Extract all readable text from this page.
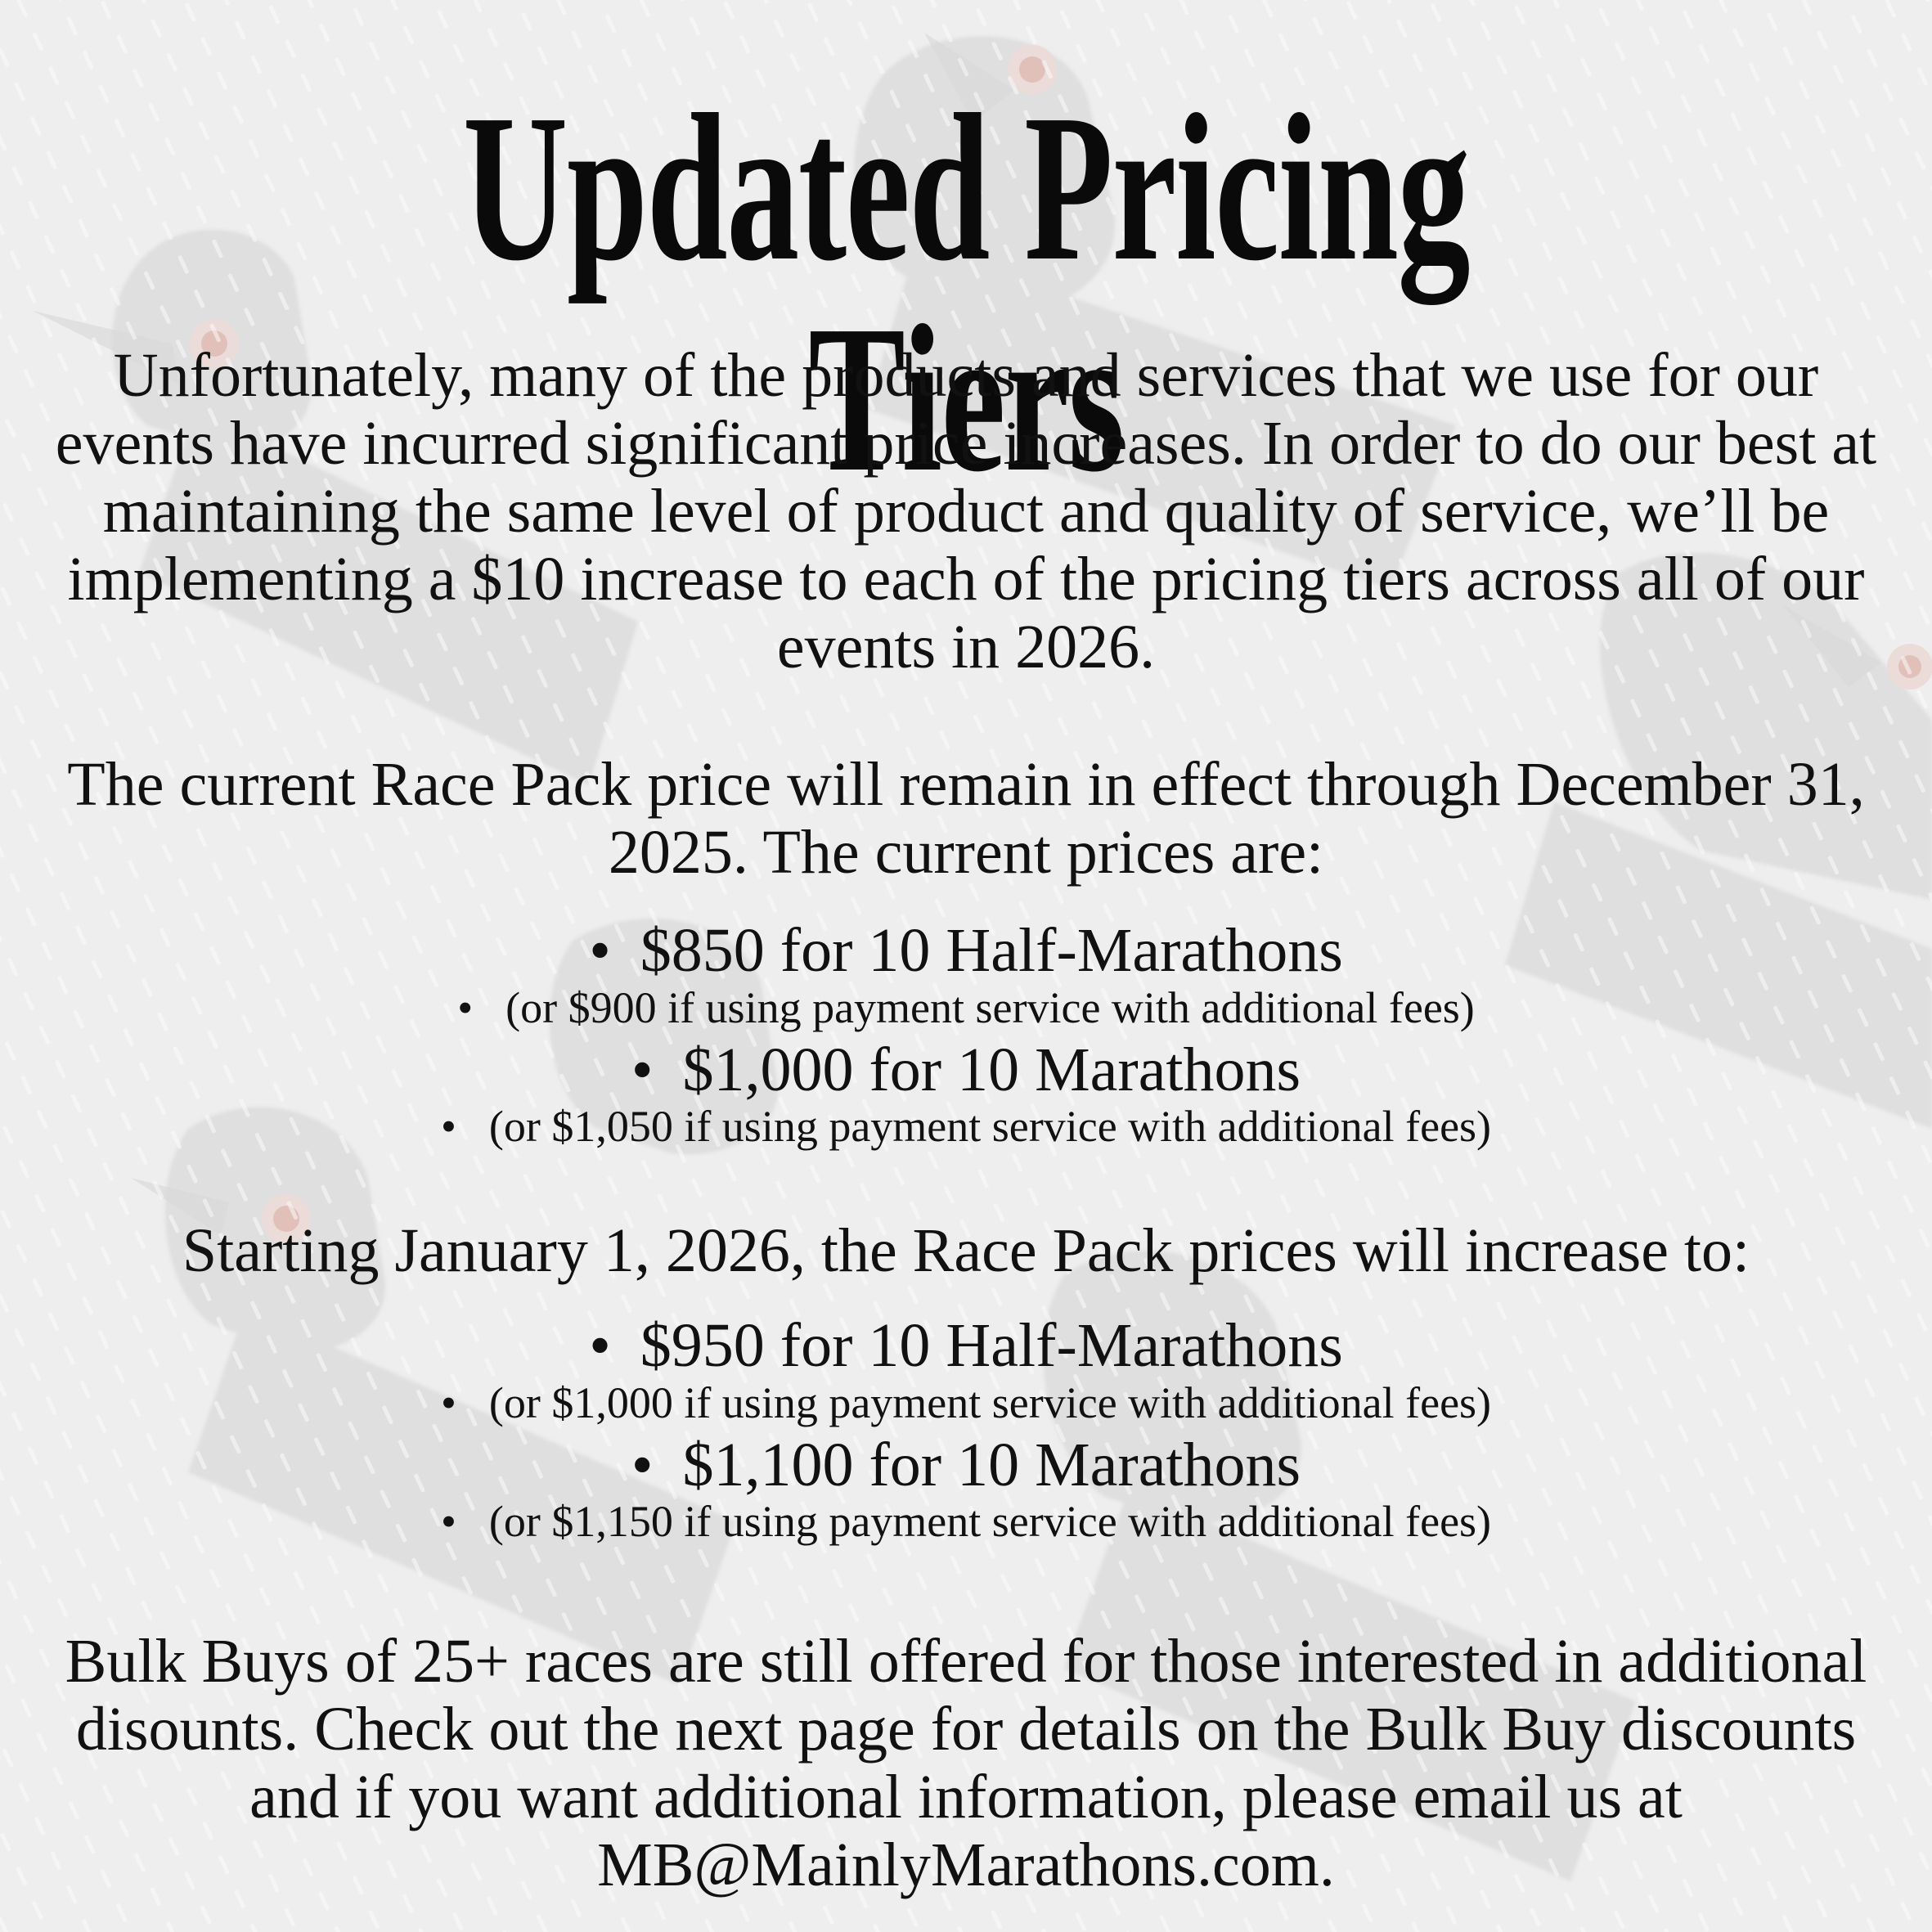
Updated Pricing Tiers
Unfortunately, many of the products and services that we use for our events have incurred significant price increases. In order to do our best at maintaining the same level of product and quality of service, we’ll be implementing a $10 increase to each of the pricing tiers across all of our events in 2026.
The current Race Pack price will remain in effect through December 31, 2025. The current prices are:
• $850 for 10 Half-Marathons
• (or $900 if using payment service with additional fees)
• $1,000 for 10 Marathons
• (or $1,050 if using payment service with additional fees)
Starting January 1, 2026, the Race Pack prices will increase to:
• $950 for 10 Half-Marathons
• (or $1,000 if using payment service with additional fees)
• $1,100 for 10 Marathons
• (or $1,150 if using payment service with additional fees)
Bulk Buys of 25+ races are still offered for those interested in additional disounts. Check out the next page for details on the Bulk Buy discounts and if you want additional information, please email us at MB@MainlyMarathons.com.
